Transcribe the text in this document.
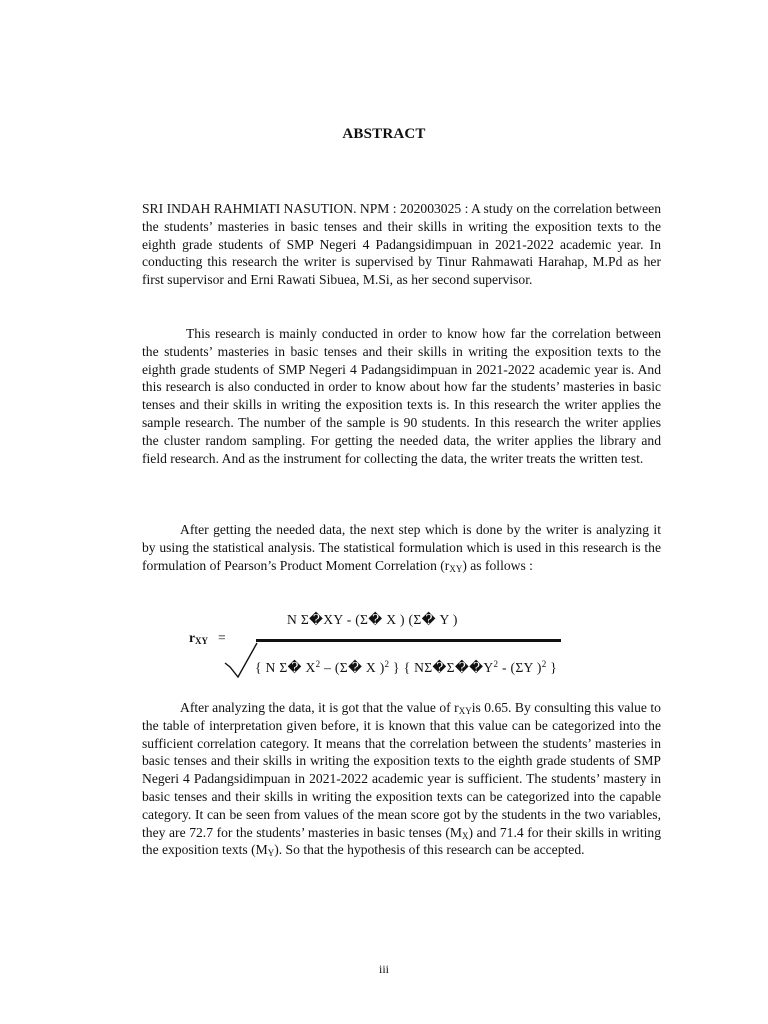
ABSTRACT
SRI INDAH RAHMIATI NASUTION. NPM : 202003025 : A study on the correlation between the students’ masteries in basic tenses and their skills in writing the exposition texts to the eighth grade students of SMP Negeri 4 Padangsidimpuan in 2021-2022 academic year. In conducting this research the writer is supervised by Tinur Rahmawati Harahap, M.Pd as her first supervisor and Erni Rawati Sibuea, M.Si, as her second supervisor.
This research is mainly conducted in order to know how far the correlation between the students’ masteries in basic tenses and their skills in writing the exposition texts to the eighth grade students of SMP Negeri 4 Padangsidimpuan in 2021-2022 academic year is. And this research is also conducted in order to know about how far the students’ masteries in basic tenses and their skills in writing the exposition texts is. In this research the writer applies the sample research. The number of the sample is 90 students. In this research the writer applies the cluster random sampling. For getting the needed data, the writer applies the library and field research. And as the instrument for collecting the data, the writer treats the written test.
After getting the needed data, the next step which is done by the writer is analyzing it by using the statistical analysis. The statistical formulation which is used in this research is the formulation of Pearson’s Product Moment Correlation $(r_{XY})$ as follows :
N Σ�XY - (Σ� X ) (Σ� Y )
$r_{XY}$ =
{ N Σ� $X^2$ – (Σ� X )$^2$ } { $N\Sigma�\Sigma��Y^2 - (\Sigma Y$ )$^2$ }
After analyzing the data, it is got that the value of $r_{XY}is$ 0.65. By consulting this value to the table of interpretation given before, it is known that this value can be categorized into the sufficient correlation category. It means that the correlation between the students’ masteries in basic tenses and their skills in writing the exposition texts to the eighth grade students of SMP Negeri 4 Padangsidimpuan in 2021-2022 academic year is sufficient. The students’ mastery in basic tenses and their skills in writing the exposition texts can be categorized into the capable category. It can be seen from values of the mean score got by the students in the two variables, they are 72.7 for the students’ masteries in basic tenses $(M_X)$ and 71.4 for their skills in writing the exposition texts $(M_Y)$. So that the hypothesis of this research can be accepted.
iii
